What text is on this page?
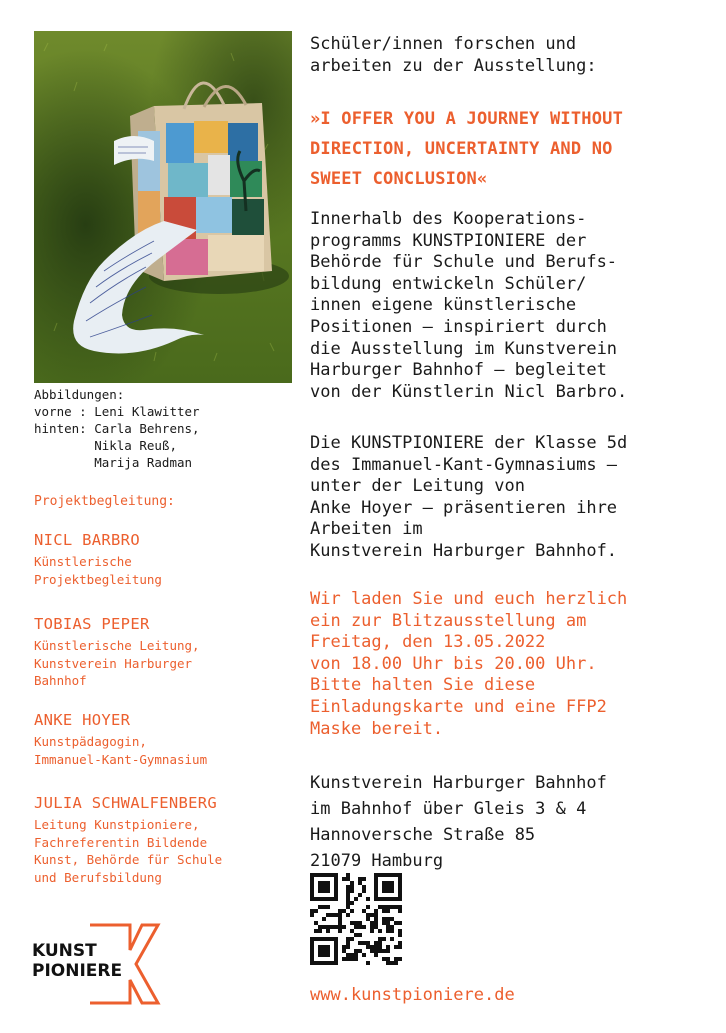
Abbildungen:
vorne : Leni Klawitter
hinten: Carla Behrens,
Nikla Reuß,
Marija Radman
Projektbegleitung:
NICL BARBRO
Künstlerische
Projektbegleitung
TOBIAS PEPER
Künstlerische Leitung,
Kunstverein Harburger
Bahnhof
ANKE HOYER
Kunstpädagogin,
Immanuel-Kant-Gymnasium
JULIA SCHWALFENBERG
Leitung Kunstpioniere,
Fachreferentin Bildende
Kunst, Behörde für Schule
und Berufsbildung
KUNST
PIONIERE
Schüler/innen forschen und
arbeiten zu der Ausstellung:
»I OFFER YOU A JOURNEY WITHOUT
DIRECTION, UNCERTAINTY AND NO
SWEET CONCLUSION«
Innerhalb des Kooperations-
programms KUNSTPIONIERE der
Behörde für Schule und Berufs-
bildung entwickeln Schüler/
innen eigene künstlerische
Positionen – inspiriert durch
die Ausstellung im Kunstverein
Harburger Bahnhof – begleitet
von der Künstlerin Nicl Barbro.
Die KUNSTPIONIERE der Klasse 5d
des Immanuel-Kant-Gymnasiums –
unter der Leitung von
Anke Hoyer – präsentieren ihre
Arbeiten im
Kunstverein Harburger Bahnhof.
Wir laden Sie und euch herzlich
ein zur Blitzausstellung am
Freitag, den 13.05.2022
von 18.00 Uhr bis 20.00 Uhr.
Bitte halten Sie diese
Einladungskarte und eine FFP2
Maske bereit.
Kunstverein Harburger Bahnhof
im Bahnhof über Gleis 3 & 4
Hannoversche Straße 85
21079 Hamburg
www.kunstpioniere.de
